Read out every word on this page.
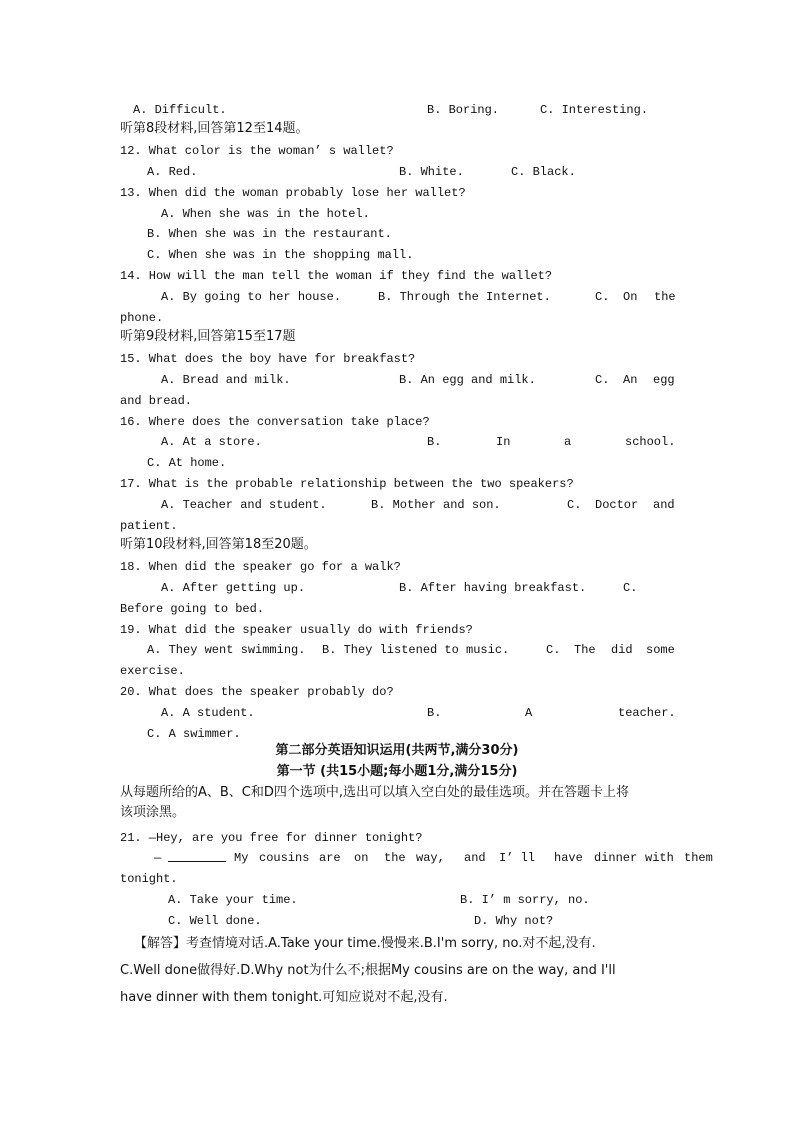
A. Difficult.	B. Boring.	C. Interesting.
听第8段材料,回答第12至14题。
12. What color is the woman’ s wallet?
A. Red.	B. White.	C. Black.
13. When did the woman probably lose her wallet?
A. When she was in the hotel.
B. When she was in the restaurant.
C. When she was in the shopping mall.
14. How will the man tell the woman if they find the wallet?
A. By going to her house.	B. Through the Internet.	C. On the
phone.
听第9段材料,回答第15至17题
15. What does the boy have for breakfast?
A. Bread and milk.	B. An egg and milk.	C. An egg
and bread.
16. Where does the conversation take place?
A. At a store.	B.	In	a	school.
C. At home.
17. What is the probable relationship between the two speakers?
A. Teacher and student.	B. Mother and son.	C. Doctor and
patient.
听第10段材料,回答第18至20题。
18. When did the speaker go for a walk?
A. After getting up.	B. After having breakfast.	C.
Before going to bed.
19. What did the speaker usually do with friends?
A. They went swimming. B. They listened to music.	C. The did some
exercise.
20. What does the speaker probably do?
A. A student.	B.	A	teacher.
C. A swimmer.
第二部分英语知识运用(共两节,满分30分)
第一节 (共15小题;每小题1分,满分15分)
从每题所给的A、B、C和D四个选项中,选出可以填入空白处的最佳选项。并在答题卡上将
该项涂黑。
21. —Hey, are you free for dinner tonight?
—	My cousins are on the way, and I’ ll have dinner with them
tonight.
A. Take your time.	B. I’ m sorry, no.
C. Well done.	D. Why not?
【解答】考查情境对话.A.Take your time.慢慢来.B.I'm sorry, no.对不起,没有.
C.Well done做得好.D.Why not为什么不;根据My cousins are on the way, and I'll
have dinner with them tonight.可知应说对不起,没有.
